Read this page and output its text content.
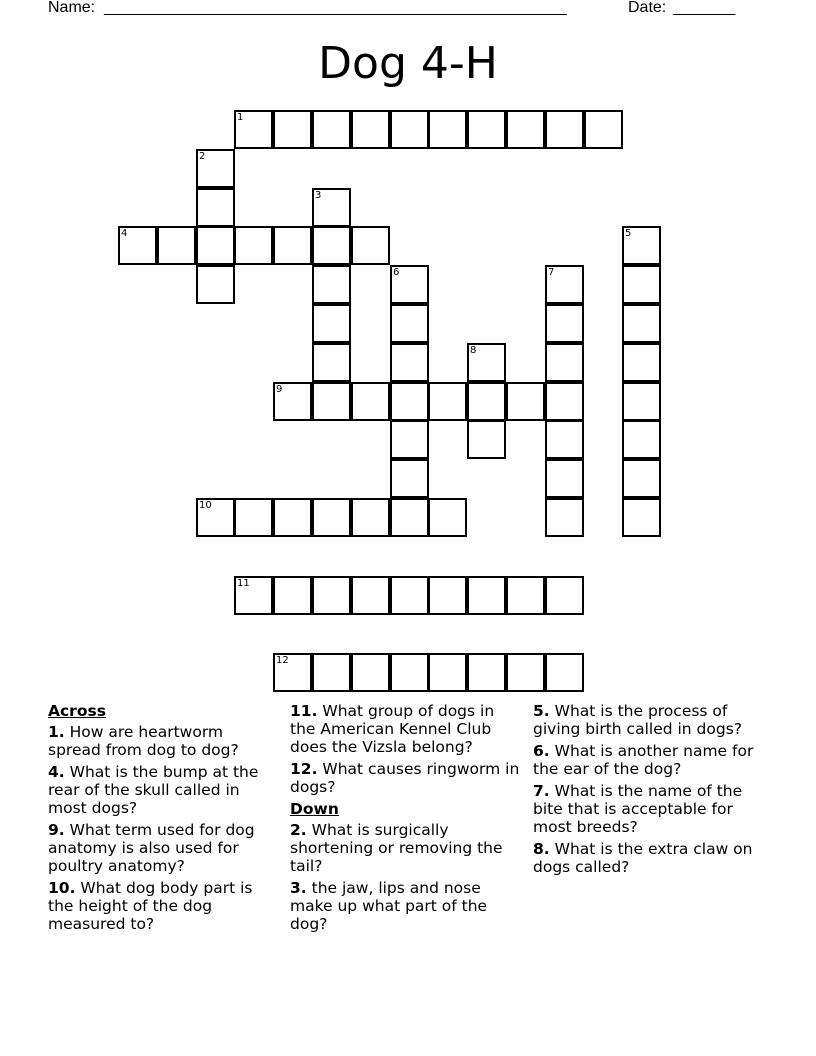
Name: ____________________________________________________	Date: _______
Dog 4-H
1
2
3
4	5
6	7
8
9
10
11
12
Across
1. How are heartworm spread from dog to dog?
4. What is the bump at the rear of the skull called in most dogs?
9. What term used for dog anatomy is also used for poultry anatomy?
10. What dog body part is the height of the dog measured to?
11. What group of dogs in the American Kennel Club does the Vizsla belong?
12. What causes ringworm in dogs?
Down
2. What is surgically shortening or removing the tail?
3. the jaw, lips and nose make up what part of the dog?
5. What is the process of giving birth called in dogs?
6. What is another name for the ear of the dog?
7. What is the name of the bite that is acceptable for most breeds?
8. What is the extra claw on dogs called?
